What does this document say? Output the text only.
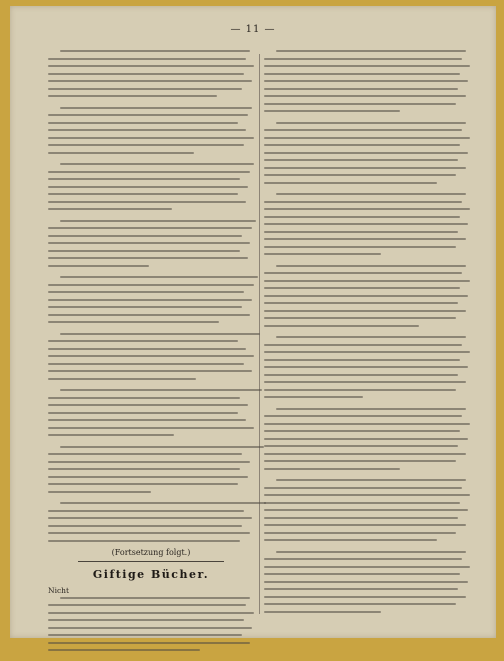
— 11 —
(Fortsetzung folgt.)
Giftige Bücher.
Nicht
